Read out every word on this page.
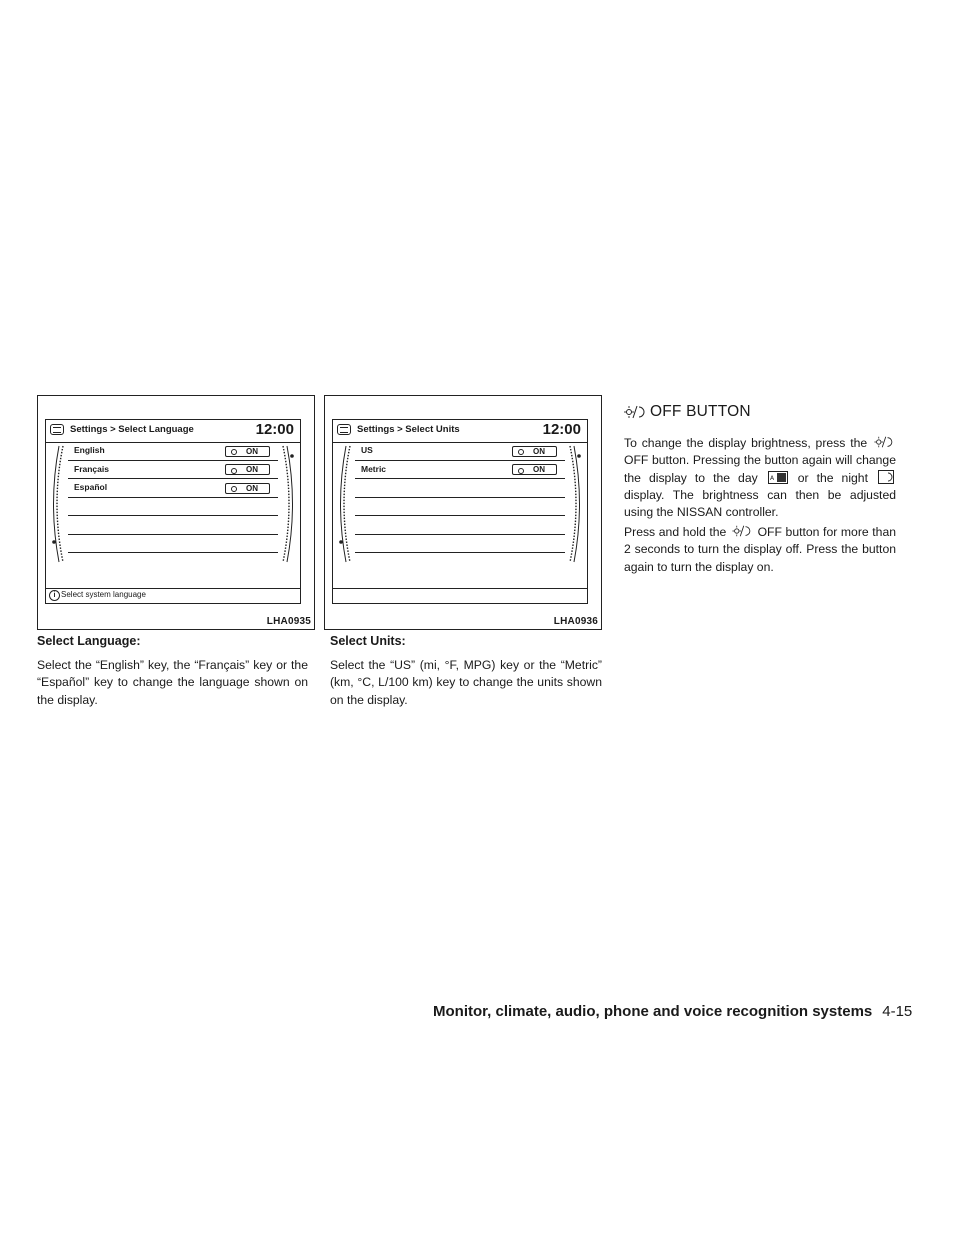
Settings > Select Language	12:00
English	ON
Français	ON
Español	ON
i Select system language
LHA0935
Settings > Select Units	12:00
US	ON
Metric	ON
LHA0936
Select Language:
Select the “English” key, the “Français” key or the “Español” key to change the language shown on the display.
Select Units:
Select the “US” (mi, °F, MPG) key or the “Metric” (km, °C, L/100 km) key to change the units shown on the display.
OFF BUTTON
To change the display brightness, press the  OFF button. Pressing the button again will change the display to the day A or the night  display. The brightness can then be adjusted using the NISSAN controller.
Press and hold the	OFF button for more than 2 seconds to turn the display off. Press the button again to turn the display on.
Monitor, climate, audio, phone and voice recognition systems 4-15
